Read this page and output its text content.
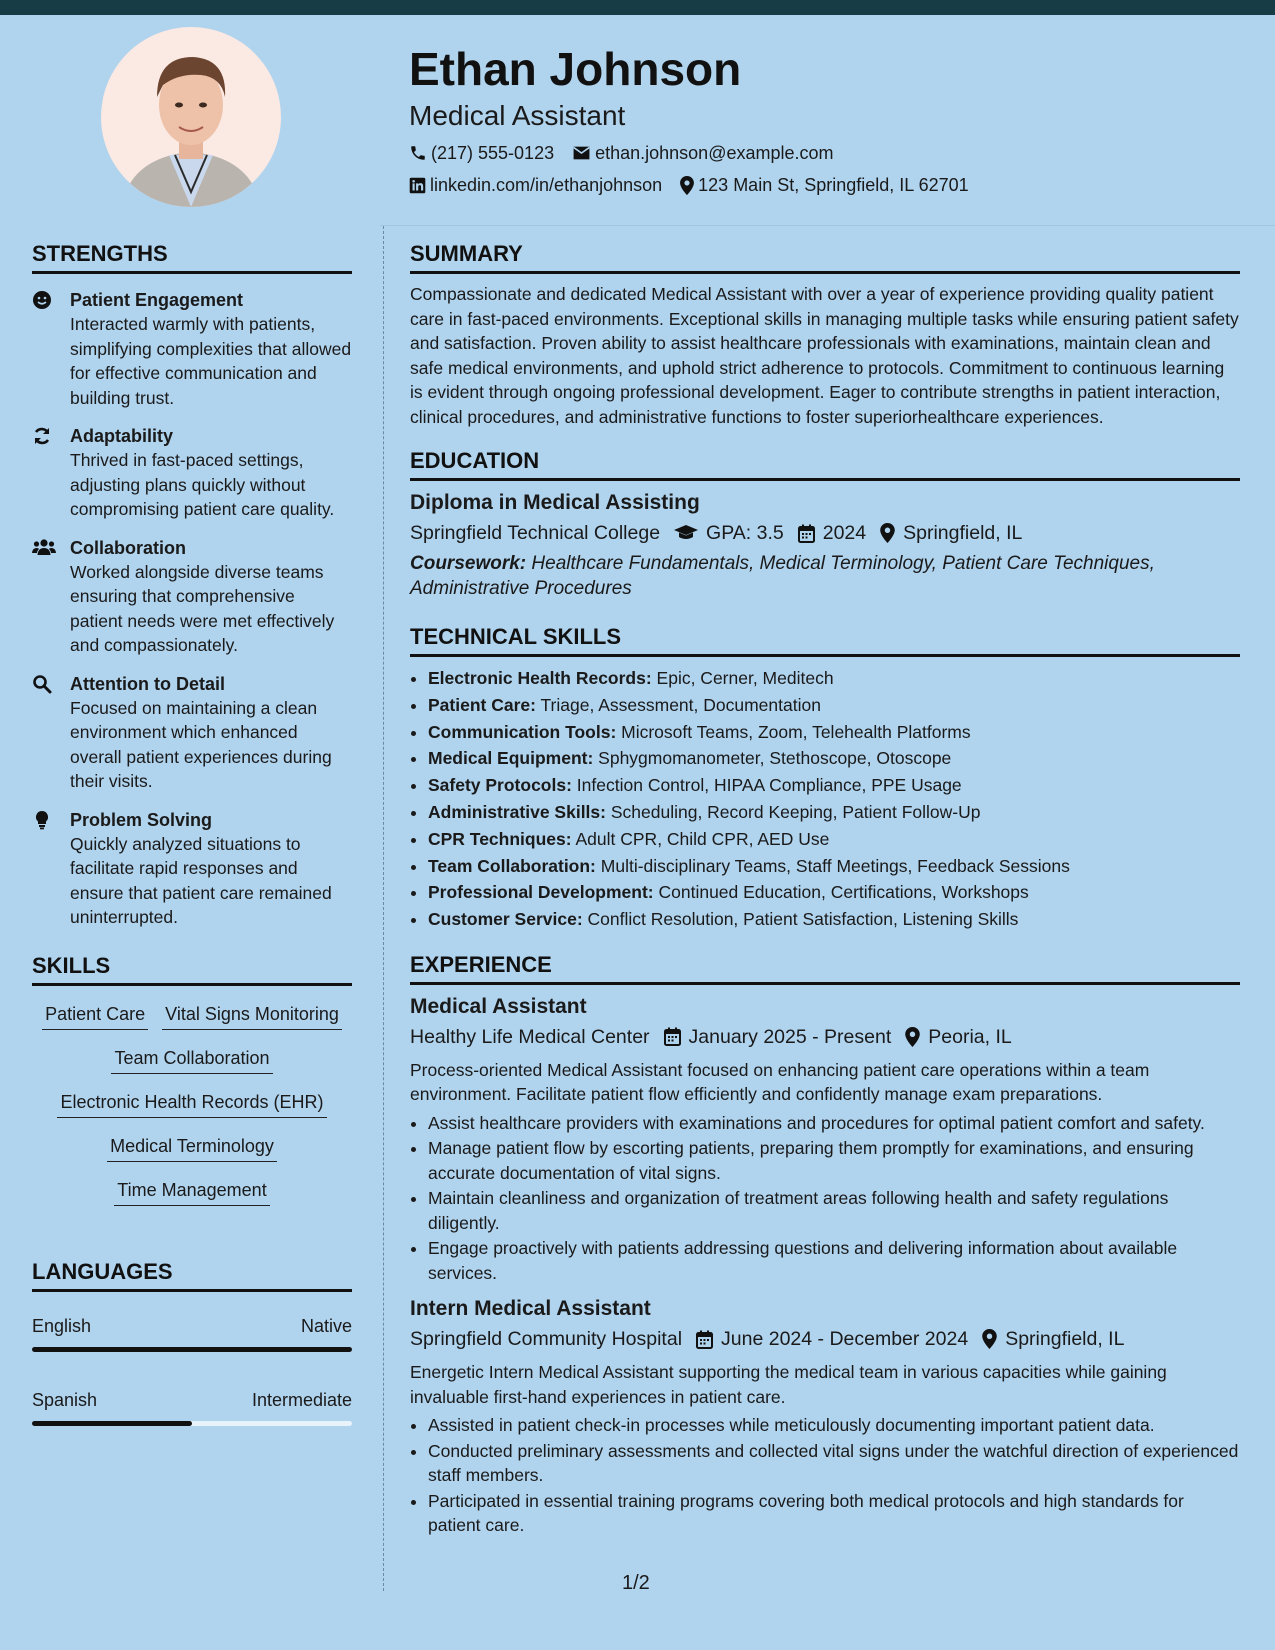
Ethan Johnson
Medical Assistant
(217) 555-0123 ethan.johnson@example.com
linkedin.com/in/ethanjohnson 123 Main St, Springfield, IL 62701
STRENGTHS
Patient Engagement
Interacted warmly with patients, simplifying complexities that allowed for effective communication and building trust.
Adaptability
Thrived in fast-paced settings, adjusting plans quickly without compromising patient care quality.
Collaboration
Worked alongside diverse teams ensuring that comprehensive patient needs were met effectively and compassionately.
Attention to Detail
Focused on maintaining a clean environment which enhanced overall patient experiences during their visits.
Problem Solving
Quickly analyzed situations to facilitate rapid responses and ensure that patient care remained uninterrupted.
SKILLS
Patient Care Vital Signs Monitoring
Team Collaboration
Electronic Health Records (EHR)
Medical Terminology
Time Management
LANGUAGES
English	Native
Spanish	Intermediate
SUMMARY
Compassionate and dedicated Medical Assistant with over a year of experience providing quality patient care in fast-paced environments. Exceptional skills in managing multiple tasks while ensuring patient safety and satisfaction. Proven ability to assist healthcare professionals with examinations, maintain clean and safe medical environments, and uphold strict adherence to protocols. Commitment to continuous learning is evident through ongoing professional development. Eager to contribute strengths in patient interaction, clinical procedures, and administrative functions to foster superiorhealthcare experiences.
EDUCATION
Diploma in Medical Assisting
Springfield Technical College GPA: 3.5 2024 Springfield, IL
Coursework: Healthcare Fundamentals, Medical Terminology, Patient Care Techniques, Administrative Procedures
TECHNICAL SKILLS
• Electronic Health Records: Epic, Cerner, Meditech
• Patient Care: Triage, Assessment, Documentation
• Communication Tools: Microsoft Teams, Zoom, Telehealth Platforms
• Medical Equipment: Sphygmomanometer, Stethoscope, Otoscope
• Safety Protocols: Infection Control, HIPAA Compliance, PPE Usage
• Administrative Skills: Scheduling, Record Keeping, Patient Follow-Up
• CPR Techniques: Adult CPR, Child CPR, AED Use
• Team Collaboration: Multi-disciplinary Teams, Staff Meetings, Feedback Sessions
• Professional Development: Continued Education, Certifications, Workshops
• Customer Service: Conflict Resolution, Patient Satisfaction, Listening Skills
EXPERIENCE
Medical Assistant
Healthy Life Medical Center January 2025 - Present Peoria, IL
Process-oriented Medical Assistant focused on enhancing patient care operations within a team environment. Facilitate patient flow efficiently and confidently manage exam preparations.
• Assist healthcare providers with examinations and procedures for optimal patient comfort and safety.
• Manage patient flow by escorting patients, preparing them promptly for examinations, and ensuring accurate documentation of vital signs.
• Maintain cleanliness and organization of treatment areas following health and safety regulations diligently.
• Engage proactively with patients addressing questions and delivering information about available services.
Intern Medical Assistant
Springfield Community Hospital June 2024 - December 2024 Springfield, IL
Energetic Intern Medical Assistant supporting the medical team in various capacities while gaining invaluable first-hand experiences in patient care.
• Assisted in patient check-in processes while meticulously documenting important patient data.
• Conducted preliminary assessments and collected vital signs under the watchful direction of experienced staff members.
• Participated in essential training programs covering both medical protocols and high standards for patient care.
1/2
